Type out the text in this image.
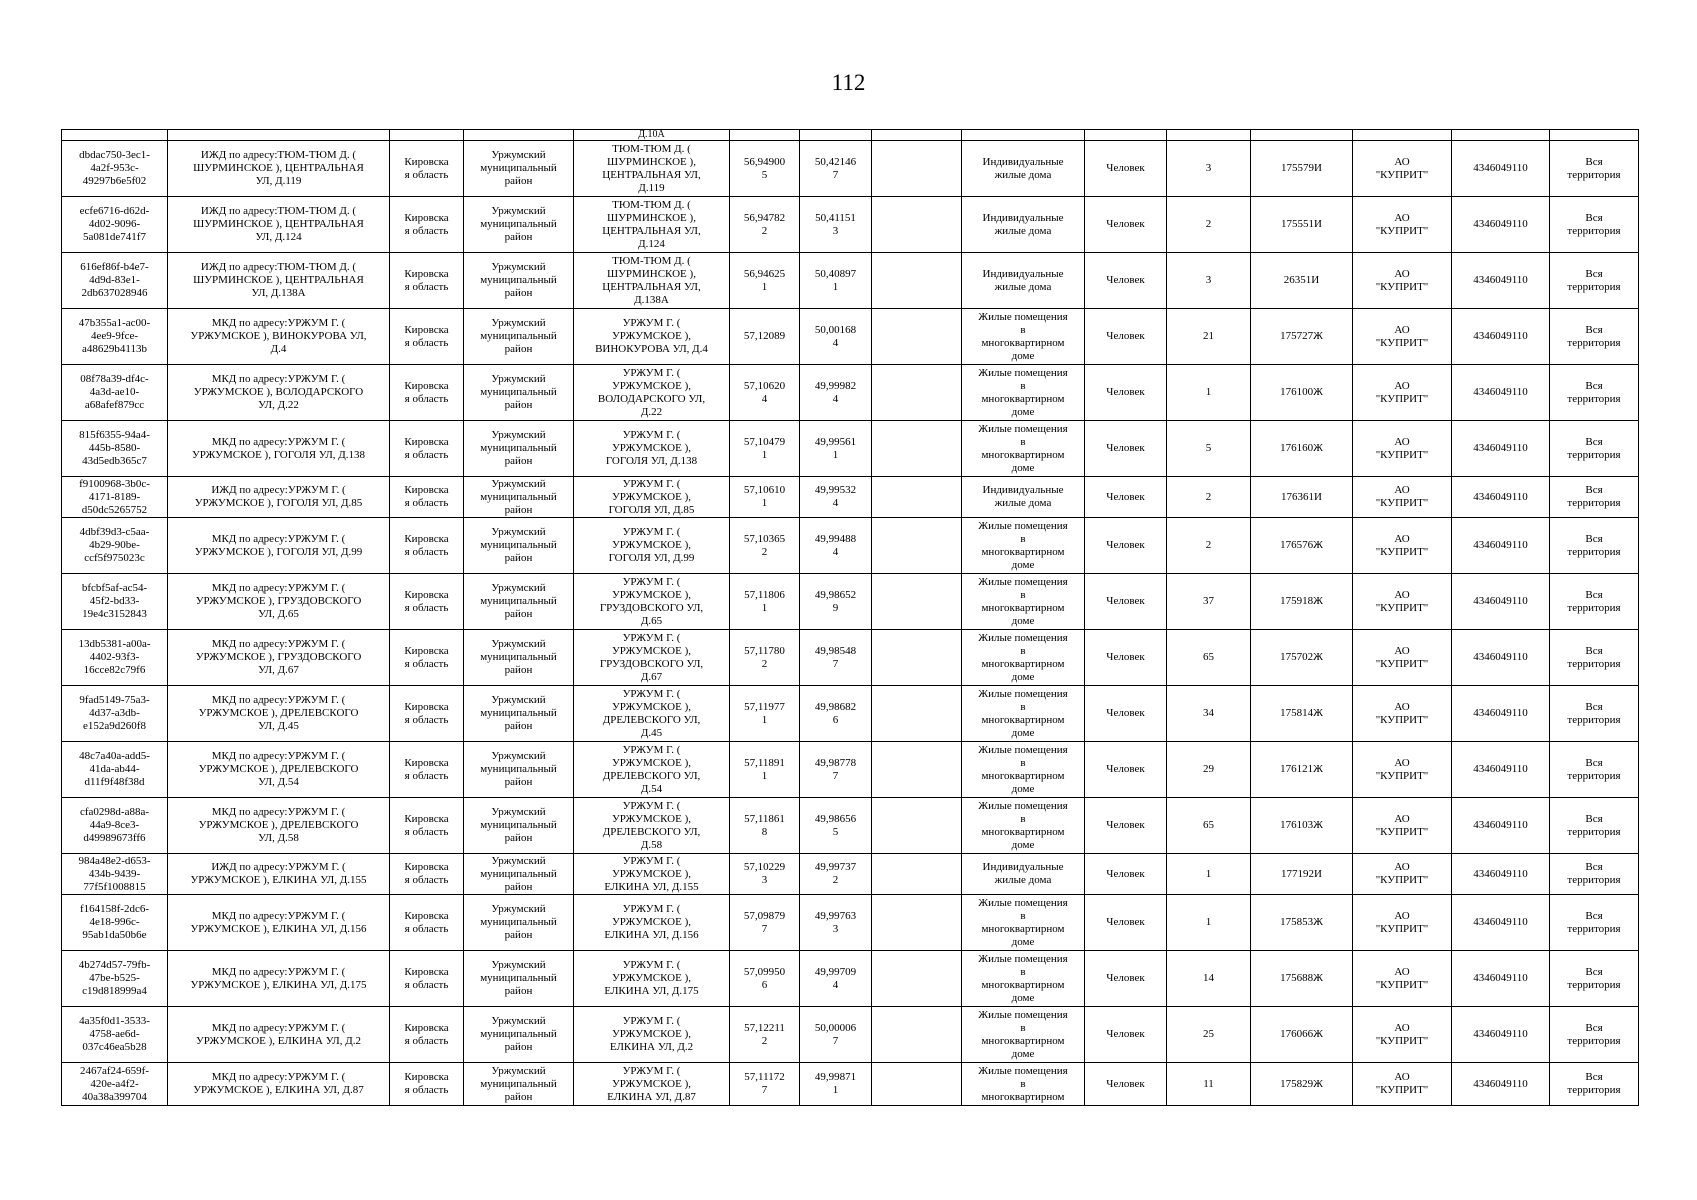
112
				Д.10А										
dbdac750-3ec1-
4a2f-953c-
49297b6e5f02	ИЖД по адресу:ТЮМ-ТЮМ Д. (
ШУРМИНСКОЕ ), ЦЕНТРАЛЬНАЯ
УЛ, Д.119	Кировска
я область	Уржумский
муниципальный
район	ТЮМ-ТЮМ Д. (
ШУРМИНСКОЕ ),
ЦЕНТРАЛЬНАЯ УЛ,
Д.119	56,94900
5	50,42146
7		Индивидуальные
жилые дома	Человек	3	175579И	АО
"КУПРИТ"	4346049110	Вся
территория
ecfe6716-d62d-
4d02-9096-
5a081de741f7	ИЖД по адресу:ТЮМ-ТЮМ Д. (
ШУРМИНСКОЕ ), ЦЕНТРАЛЬНАЯ
УЛ, Д.124	Кировска
я область	Уржумский
муниципальный
район	ТЮМ-ТЮМ Д. (
ШУРМИНСКОЕ ),
ЦЕНТРАЛЬНАЯ УЛ,
Д.124	56,94782
2	50,41151
3		Индивидуальные
жилые дома	Человек	2	175551И	АО
"КУПРИТ"	4346049110	Вся
территория
616ef86f-b4e7-
4d9d-83e1-
2db637028946	ИЖД по адресу:ТЮМ-ТЮМ Д. (
ШУРМИНСКОЕ ), ЦЕНТРАЛЬНАЯ
УЛ, Д.138А	Кировска
я область	Уржумский
муниципальный
район	ТЮМ-ТЮМ Д. (
ШУРМИНСКОЕ ),
ЦЕНТРАЛЬНАЯ УЛ,
Д.138А	56,94625
1	50,40897
1		Индивидуальные
жилые дома	Человек	3	26351И	АО
"КУПРИТ"	4346049110	Вся
территория
47b355a1-ac00-
4ee9-9fce-
a48629b4113b	МКД по адресу:УРЖУМ Г. (
УРЖУМСКОЕ ), ВИНОКУРОВА УЛ,
Д.4	Кировска
я область	Уржумский
муниципальный
район	УРЖУМ Г. (
УРЖУМСКОЕ ),
ВИНОКУРОВА УЛ, Д.4	57,12089	50,00168
4		Жилые помещения
в
многоквартирном
доме	Человек	21	175727Ж	АО
"КУПРИТ"	4346049110	Вся
территория
08f78a39-df4c-
4a3d-ae10-
a68afef879cc	МКД по адресу:УРЖУМ Г. (
УРЖУМСКОЕ ), ВОЛОДАРСКОГО
УЛ, Д.22	Кировска
я область	Уржумский
муниципальный
район	УРЖУМ Г. (
УРЖУМСКОЕ ),
ВОЛОДАРСКОГО УЛ,
Д.22	57,10620
4	49,99982
4		Жилые помещения
в
многоквартирном
доме	Человек	1	176100Ж	АО
"КУПРИТ"	4346049110	Вся
территория
815f6355-94a4-
445b-8580-
43d5edb365c7	МКД по адресу:УРЖУМ Г. (
УРЖУМСКОЕ ), ГОГОЛЯ УЛ, Д.138	Кировска
я область	Уржумский
муниципальный
район	УРЖУМ Г. (
УРЖУМСКОЕ ),
ГОГОЛЯ УЛ, Д.138	57,10479
1	49,99561
1		Жилые помещения
в
многоквартирном
доме	Человек	5	176160Ж	АО
"КУПРИТ"	4346049110	Вся
территория
f9100968-3b0c-
4171-8189-
d50dc5265752	ИЖД по адресу:УРЖУМ Г. (
УРЖУМСКОЕ ), ГОГОЛЯ УЛ, Д.85	Кировска
я область	Уржумский
муниципальный
район	УРЖУМ Г. (
УРЖУМСКОЕ ),
ГОГОЛЯ УЛ, Д.85	57,10610
1	49,99532
4		Индивидуальные
жилые дома	Человек	2	176361И	АО
"КУПРИТ"	4346049110	Вся
территория
4dbf39d3-c5aa-
4b29-90be-
ccf5f975023c	МКД по адресу:УРЖУМ Г. (
УРЖУМСКОЕ ), ГОГОЛЯ УЛ, Д.99	Кировска
я область	Уржумский
муниципальный
район	УРЖУМ Г. (
УРЖУМСКОЕ ),
ГОГОЛЯ УЛ, Д.99	57,10365
2	49,99488
4		Жилые помещения
в
многоквартирном
доме	Человек	2	176576Ж	АО
"КУПРИТ"	4346049110	Вся
территория
bfcbf5af-ac54-
45f2-bd33-
19e4c3152843	МКД по адресу:УРЖУМ Г. (
УРЖУМСКОЕ ), ГРУЗДОВСКОГО
УЛ, Д.65	Кировска
я область	Уржумский
муниципальный
район	УРЖУМ Г. (
УРЖУМСКОЕ ),
ГРУЗДОВСКОГО УЛ,
Д.65	57,11806
1	49,98652
9		Жилые помещения
в
многоквартирном
доме	Человек	37	175918Ж	АО
"КУПРИТ"	4346049110	Вся
территория
13db5381-a00a-
4402-93f3-
16cce82c79f6	МКД по адресу:УРЖУМ Г. (
УРЖУМСКОЕ ), ГРУЗДОВСКОГО
УЛ, Д.67	Кировска
я область	Уржумский
муниципальный
район	УРЖУМ Г. (
УРЖУМСКОЕ ),
ГРУЗДОВСКОГО УЛ,
Д.67	57,11780
2	49,98548
7		Жилые помещения
в
многоквартирном
доме	Человек	65	175702Ж	АО
"КУПРИТ"	4346049110	Вся
территория
9fad5149-75a3-
4d37-a3db-
e152a9d260f8	МКД по адресу:УРЖУМ Г. (
УРЖУМСКОЕ ), ДРЕЛЕВСКОГО
УЛ, Д.45	Кировска
я область	Уржумский
муниципальный
район	УРЖУМ Г. (
УРЖУМСКОЕ ),
ДРЕЛЕВСКОГО УЛ,
Д.45	57,11977
1	49,98682
6		Жилые помещения
в
многоквартирном
доме	Человек	34	175814Ж	АО
"КУПРИТ"	4346049110	Вся
территория
48c7a40a-add5-
41da-ab44-
d11f9f48f38d	МКД по адресу:УРЖУМ Г. (
УРЖУМСКОЕ ), ДРЕЛЕВСКОГО
УЛ, Д.54	Кировска
я область	Уржумский
муниципальный
район	УРЖУМ Г. (
УРЖУМСКОЕ ),
ДРЕЛЕВСКОГО УЛ,
Д.54	57,11891
1	49,98778
7		Жилые помещения
в
многоквартирном
доме	Человек	29	176121Ж	АО
"КУПРИТ"	4346049110	Вся
территория
cfa0298d-a88a-
44a9-8ce3-
d49989673ff6	МКД по адресу:УРЖУМ Г. (
УРЖУМСКОЕ ), ДРЕЛЕВСКОГО
УЛ, Д.58	Кировска
я область	Уржумский
муниципальный
район	УРЖУМ Г. (
УРЖУМСКОЕ ),
ДРЕЛЕВСКОГО УЛ,
Д.58	57,11861
8	49,98656
5		Жилые помещения
в
многоквартирном
доме	Человек	65	176103Ж	АО
"КУПРИТ"	4346049110	Вся
территория
984a48e2-d653-
434b-9439-
77f5f1008815	ИЖД по адресу:УРЖУМ Г. (
УРЖУМСКОЕ ), ЕЛКИНА УЛ, Д.155	Кировска
я область	Уржумский
муниципальный
район	УРЖУМ Г. (
УРЖУМСКОЕ ),
ЕЛКИНА УЛ, Д.155	57,10229
3	49,99737
2		Индивидуальные
жилые дома	Человек	1	177192И	АО
"КУПРИТ"	4346049110	Вся
территория
f164158f-2dc6-
4e18-996c-
95ab1da50b6e	МКД по адресу:УРЖУМ Г. (
УРЖУМСКОЕ ), ЕЛКИНА УЛ, Д.156	Кировска
я область	Уржумский
муниципальный
район	УРЖУМ Г. (
УРЖУМСКОЕ ),
ЕЛКИНА УЛ, Д.156	57,09879
7	49,99763
3		Жилые помещения
в
многоквартирном
доме	Человек	1	175853Ж	АО
"КУПРИТ"	4346049110	Вся
территория
4b274d57-79fb-
47be-b525-
c19d818999a4	МКД по адресу:УРЖУМ Г. (
УРЖУМСКОЕ ), ЕЛКИНА УЛ, Д.175	Кировска
я область	Уржумский
муниципальный
район	УРЖУМ Г. (
УРЖУМСКОЕ ),
ЕЛКИНА УЛ, Д.175	57,09950
6	49,99709
4		Жилые помещения
в
многоквартирном
доме	Человек	14	175688Ж	АО
"КУПРИТ"	4346049110	Вся
территория
4a35f0d1-3533-
4758-ae6d-
037c46ea5b28	МКД по адресу:УРЖУМ Г. (
УРЖУМСКОЕ ), ЕЛКИНА УЛ, Д.2	Кировска
я область	Уржумский
муниципальный
район	УРЖУМ Г. (
УРЖУМСКОЕ ),
ЕЛКИНА УЛ, Д.2	57,12211
2	50,00006
7		Жилые помещения
в
многоквартирном
доме	Человек	25	176066Ж	АО
"КУПРИТ"	4346049110	Вся
территория
2467af24-659f-
420e-a4f2-
40a38a399704	МКД по адресу:УРЖУМ Г. (
УРЖУМСКОЕ ), ЕЛКИНА УЛ, Д.87	Кировска
я область	Уржумский
муниципальный
район	УРЖУМ Г. (
УРЖУМСКОЕ ),
ЕЛКИНА УЛ, Д.87	57,11172
7	49,99871
1		Жилые помещения
в
многоквартирном	Человек	11	175829Ж	АО
"КУПРИТ"	4346049110	Вся
территория
